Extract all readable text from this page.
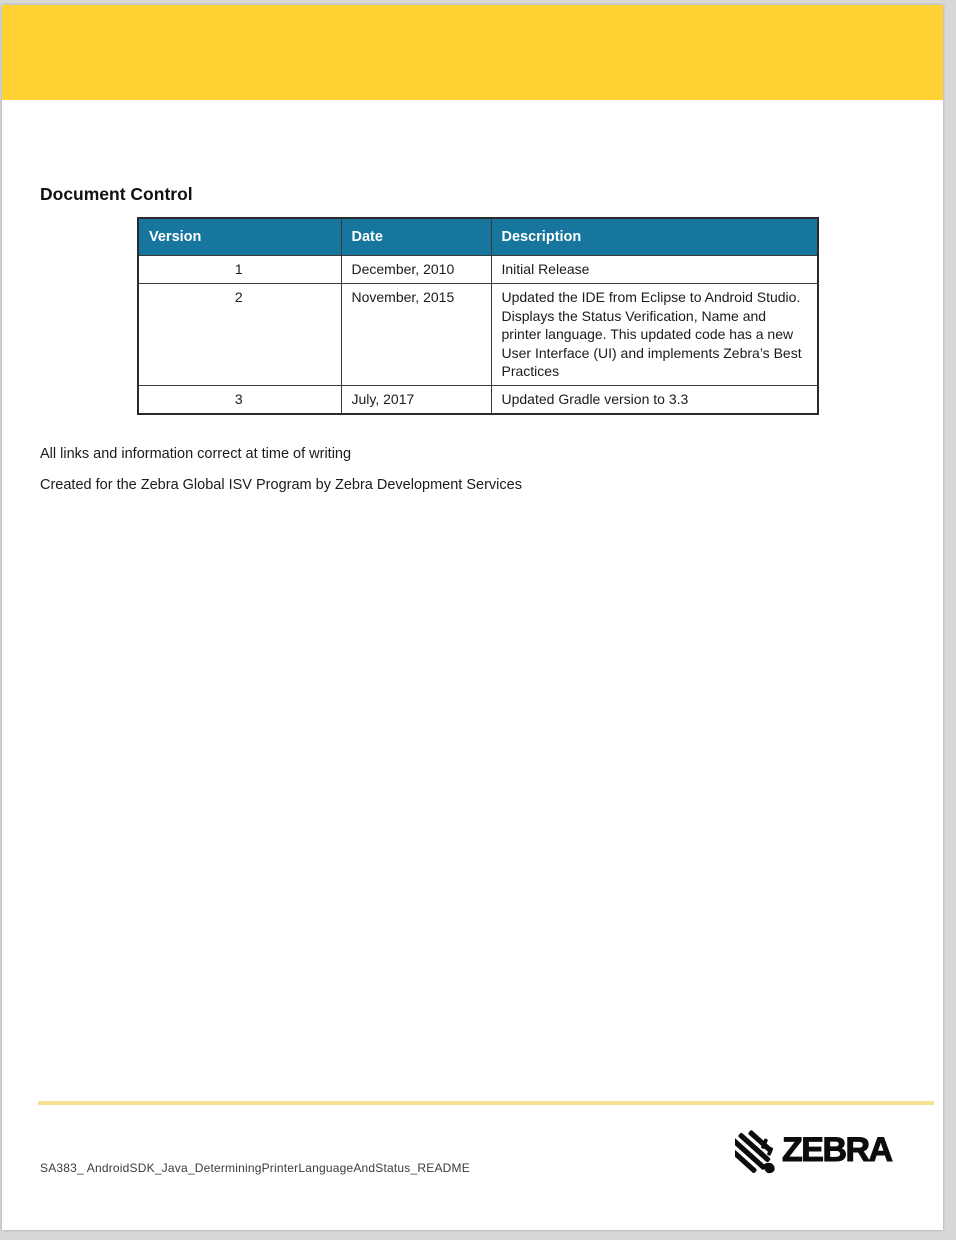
Document Control
Version	Date	Description
1	December, 2010	Initial Release
2	November, 2015	Updated the IDE from Eclipse to Android Studio. Displays the Status Verification, Name and printer language. This updated code has a new User Interface (UI) and implements Zebra’s Best Practices
3	July, 2017	Updated Gradle version to 3.3

All links and information correct at time of writing

Created for the Zebra Global ISV Program by Zebra Development Services

SA383_ AndroidSDK_Java_DeterminingPrinterLanguageAndStatus_README	ZEBRA
